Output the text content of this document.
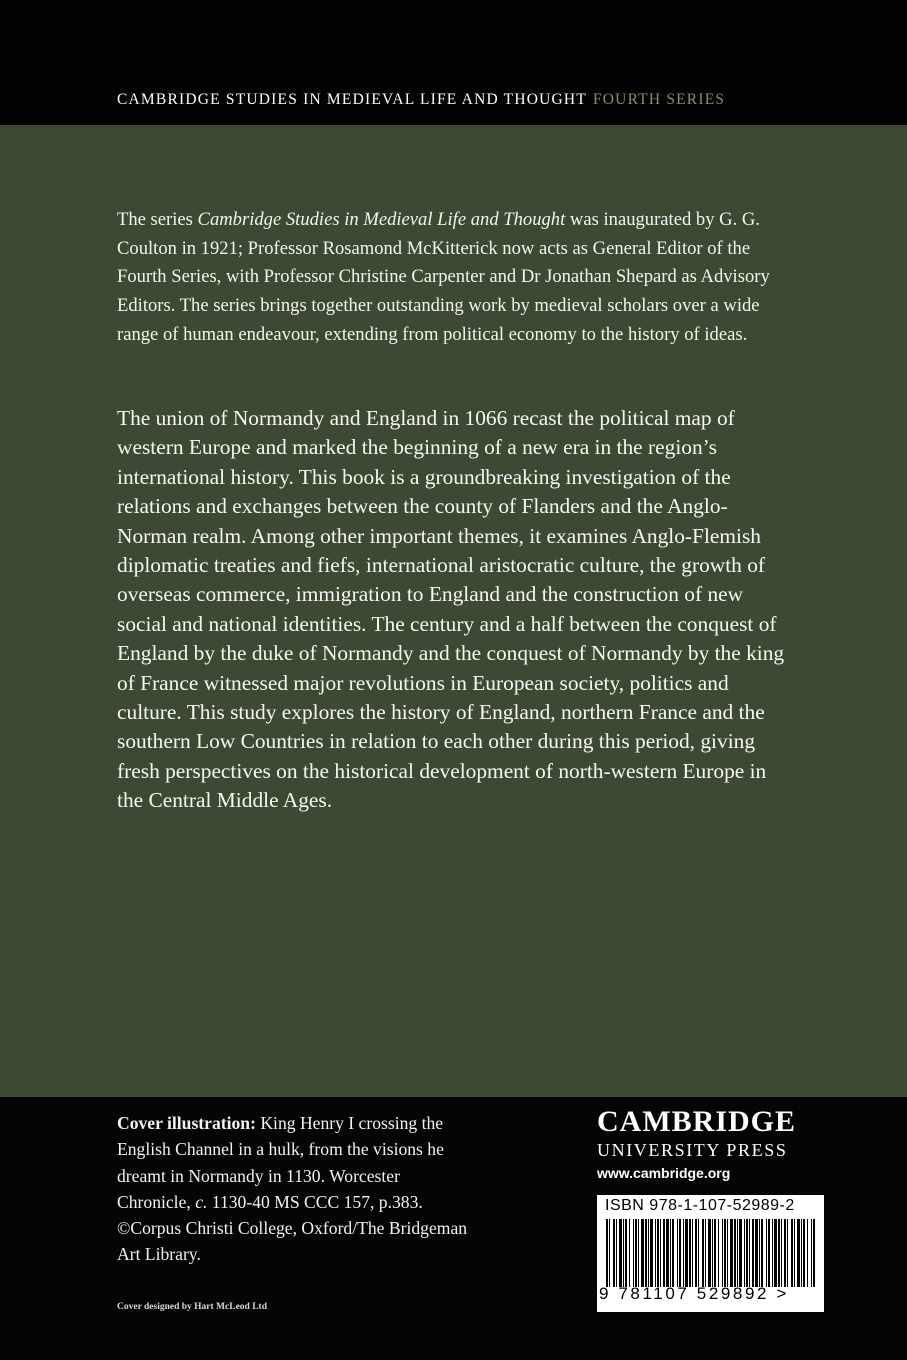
CAMBRIDGE STUDIES IN MEDIEVAL LIFE AND THOUGHT FOURTH SERIES

The series Cambridge Studies in Medieval Life and Thought was inaugurated by G. G. Coulton in 1921; Professor Rosamond McKitterick now acts as General Editor of the Fourth Series, with Professor Christine Carpenter and Dr Jonathan Shepard as Advisory Editors. The series brings together outstanding work by medieval scholars over a wide range of human endeavour, extending from political economy to the history of ideas.

The union of Normandy and England in 1066 recast the political map of western Europe and marked the beginning of a new era in the region’s international history. This book is a groundbreaking investigation of the relations and exchanges between the county of Flanders and the Anglo-Norman realm. Among other important themes, it examines Anglo-Flemish diplomatic treaties and fiefs, international aristocratic culture, the growth of overseas commerce, immigration to England and the construction of new social and national identities. The century and a half between the conquest of England by the duke of Normandy and the conquest of Normandy by the king of France witnessed major revolutions in European society, politics and culture. This study explores the history of England, northern France and the southern Low Countries in relation to each other during this period, giving fresh perspectives on the historical development of north-western Europe in the Central Middle Ages.

Cover illustration: King Henry I crossing the English Channel in a hulk, from the visions he dreamt in Normandy in 1130. Worcester Chronicle, c. 1130-40 MS CCC 157, p.383. ©Corpus Christi College, Oxford/The Bridgeman Art Library.
Cover designed by Hart McLeod Ltd
CAMBRIDGE
UNIVERSITY PRESS
www.cambridge.org
ISBN 978-1-107-52989-2
9 781107 529892 >
